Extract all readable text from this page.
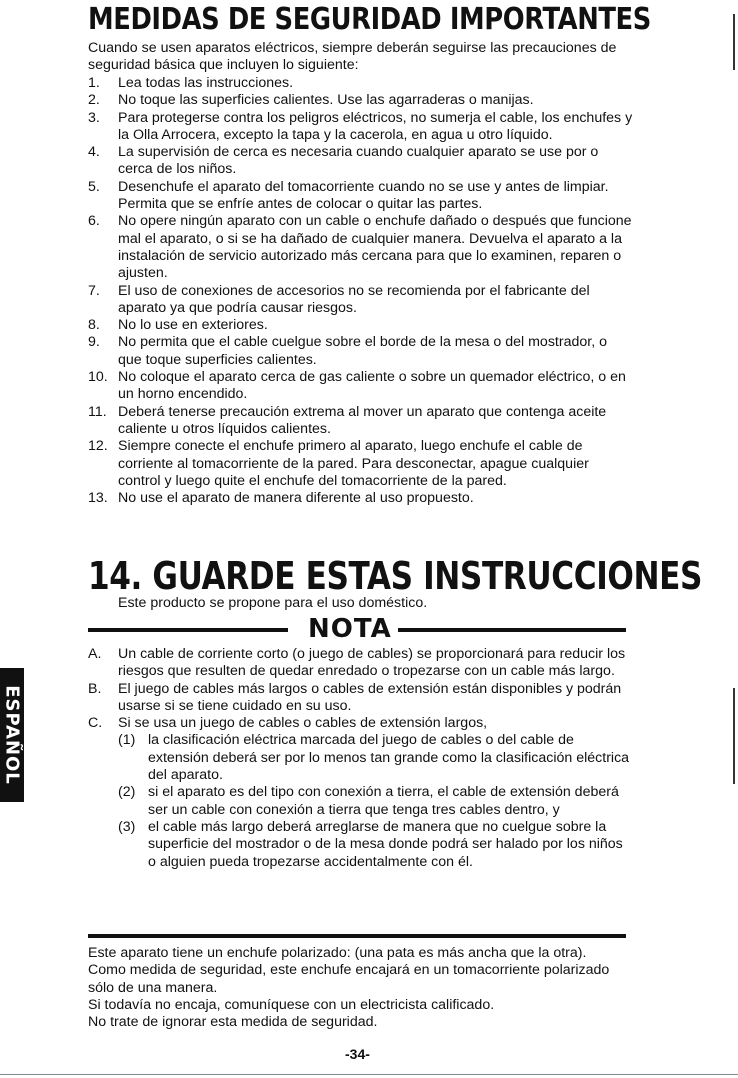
MEDIDAS DE SEGURIDAD IMPORTANTES
Cuando se usen aparatos eléctricos, siempre deberán seguirse las precauciones de seguridad básica que incluyen lo siguiente:
1. Lea todas las instrucciones.
2. No toque las superficies calientes. Use las agarraderas o manijas.
3. Para protegerse contra los peligros eléctricos, no sumerja el cable, los enchufes y la Olla Arrocera, excepto la tapa y la cacerola, en agua u otro líquido.
4. La supervisión de cerca es necesaria cuando cualquier aparato se use por o cerca de los niños.
5. Desenchufe el aparato del tomacorriente cuando no se use y antes de limpiar. Permita que se enfríe antes de colocar o quitar las partes.
6. No opere ningún aparato con un cable o enchufe dañado o después que funcione mal el aparato, o si se ha dañado de cualquier manera. Devuelva el aparato a la instalación de servicio autorizado más cercana para que lo examinen, reparen o ajusten.
7. El uso de conexiones de accesorios no se recomienda por el fabricante del aparato ya que podría causar riesgos.
8. No lo use en exteriores.
9. No permita que el cable cuelgue sobre el borde de la mesa o del mostrador, o que toque superficies calientes.
10. No coloque el aparato cerca de gas caliente o sobre un quemador eléctrico, o en un horno encendido.
11. Deberá tenerse precaución extrema al mover un aparato que contenga aceite caliente u otros líquidos calientes.
12. Siempre conecte el enchufe primero al aparato, luego enchufe el cable de corriente al tomacorriente de la pared. Para desconectar, apague cualquier control y luego quite el enchufe del tomacorriente de la pared.
13. No use el aparato de manera diferente al uso propuesto.
14. GUARDE ESTAS INSTRUCCIONES
Este producto se propone para el uso doméstico.
NOTA
A. Un cable de corriente corto (o juego de cables) se proporcionará para reducir los riesgos que resulten de quedar enredado o tropezarse con un cable más largo.
B. El juego de cables más largos o cables de extensión están disponibles y podrán usarse si se tiene cuidado en su uso.
C. Si se usa un juego de cables o cables de extensión largos,
(1) la clasificación eléctrica marcada del juego de cables o del cable de extensión deberá ser por lo menos tan grande como la clasificación eléctrica del aparato.
(2) si el aparato es del tipo con conexión a tierra, el cable de extensión deberá ser un cable con conexión a tierra que tenga tres cables dentro, y
(3) el cable más largo deberá arreglarse de manera que no cuelgue sobre la superficie del mostrador o de la mesa donde podrá ser halado por los niños o alguien pueda tropezarse accidentalmente con él.
Este aparato tiene un enchufe polarizado: (una pata es más ancha que la otra).
Como medida de seguridad, este enchufe encajará en un tomacorriente polarizado sólo de una manera.
Si todavía no encaja, comuníquese con un electricista calificado.
No trate de ignorar esta medida de seguridad.
-34-
ESPAÑOL
